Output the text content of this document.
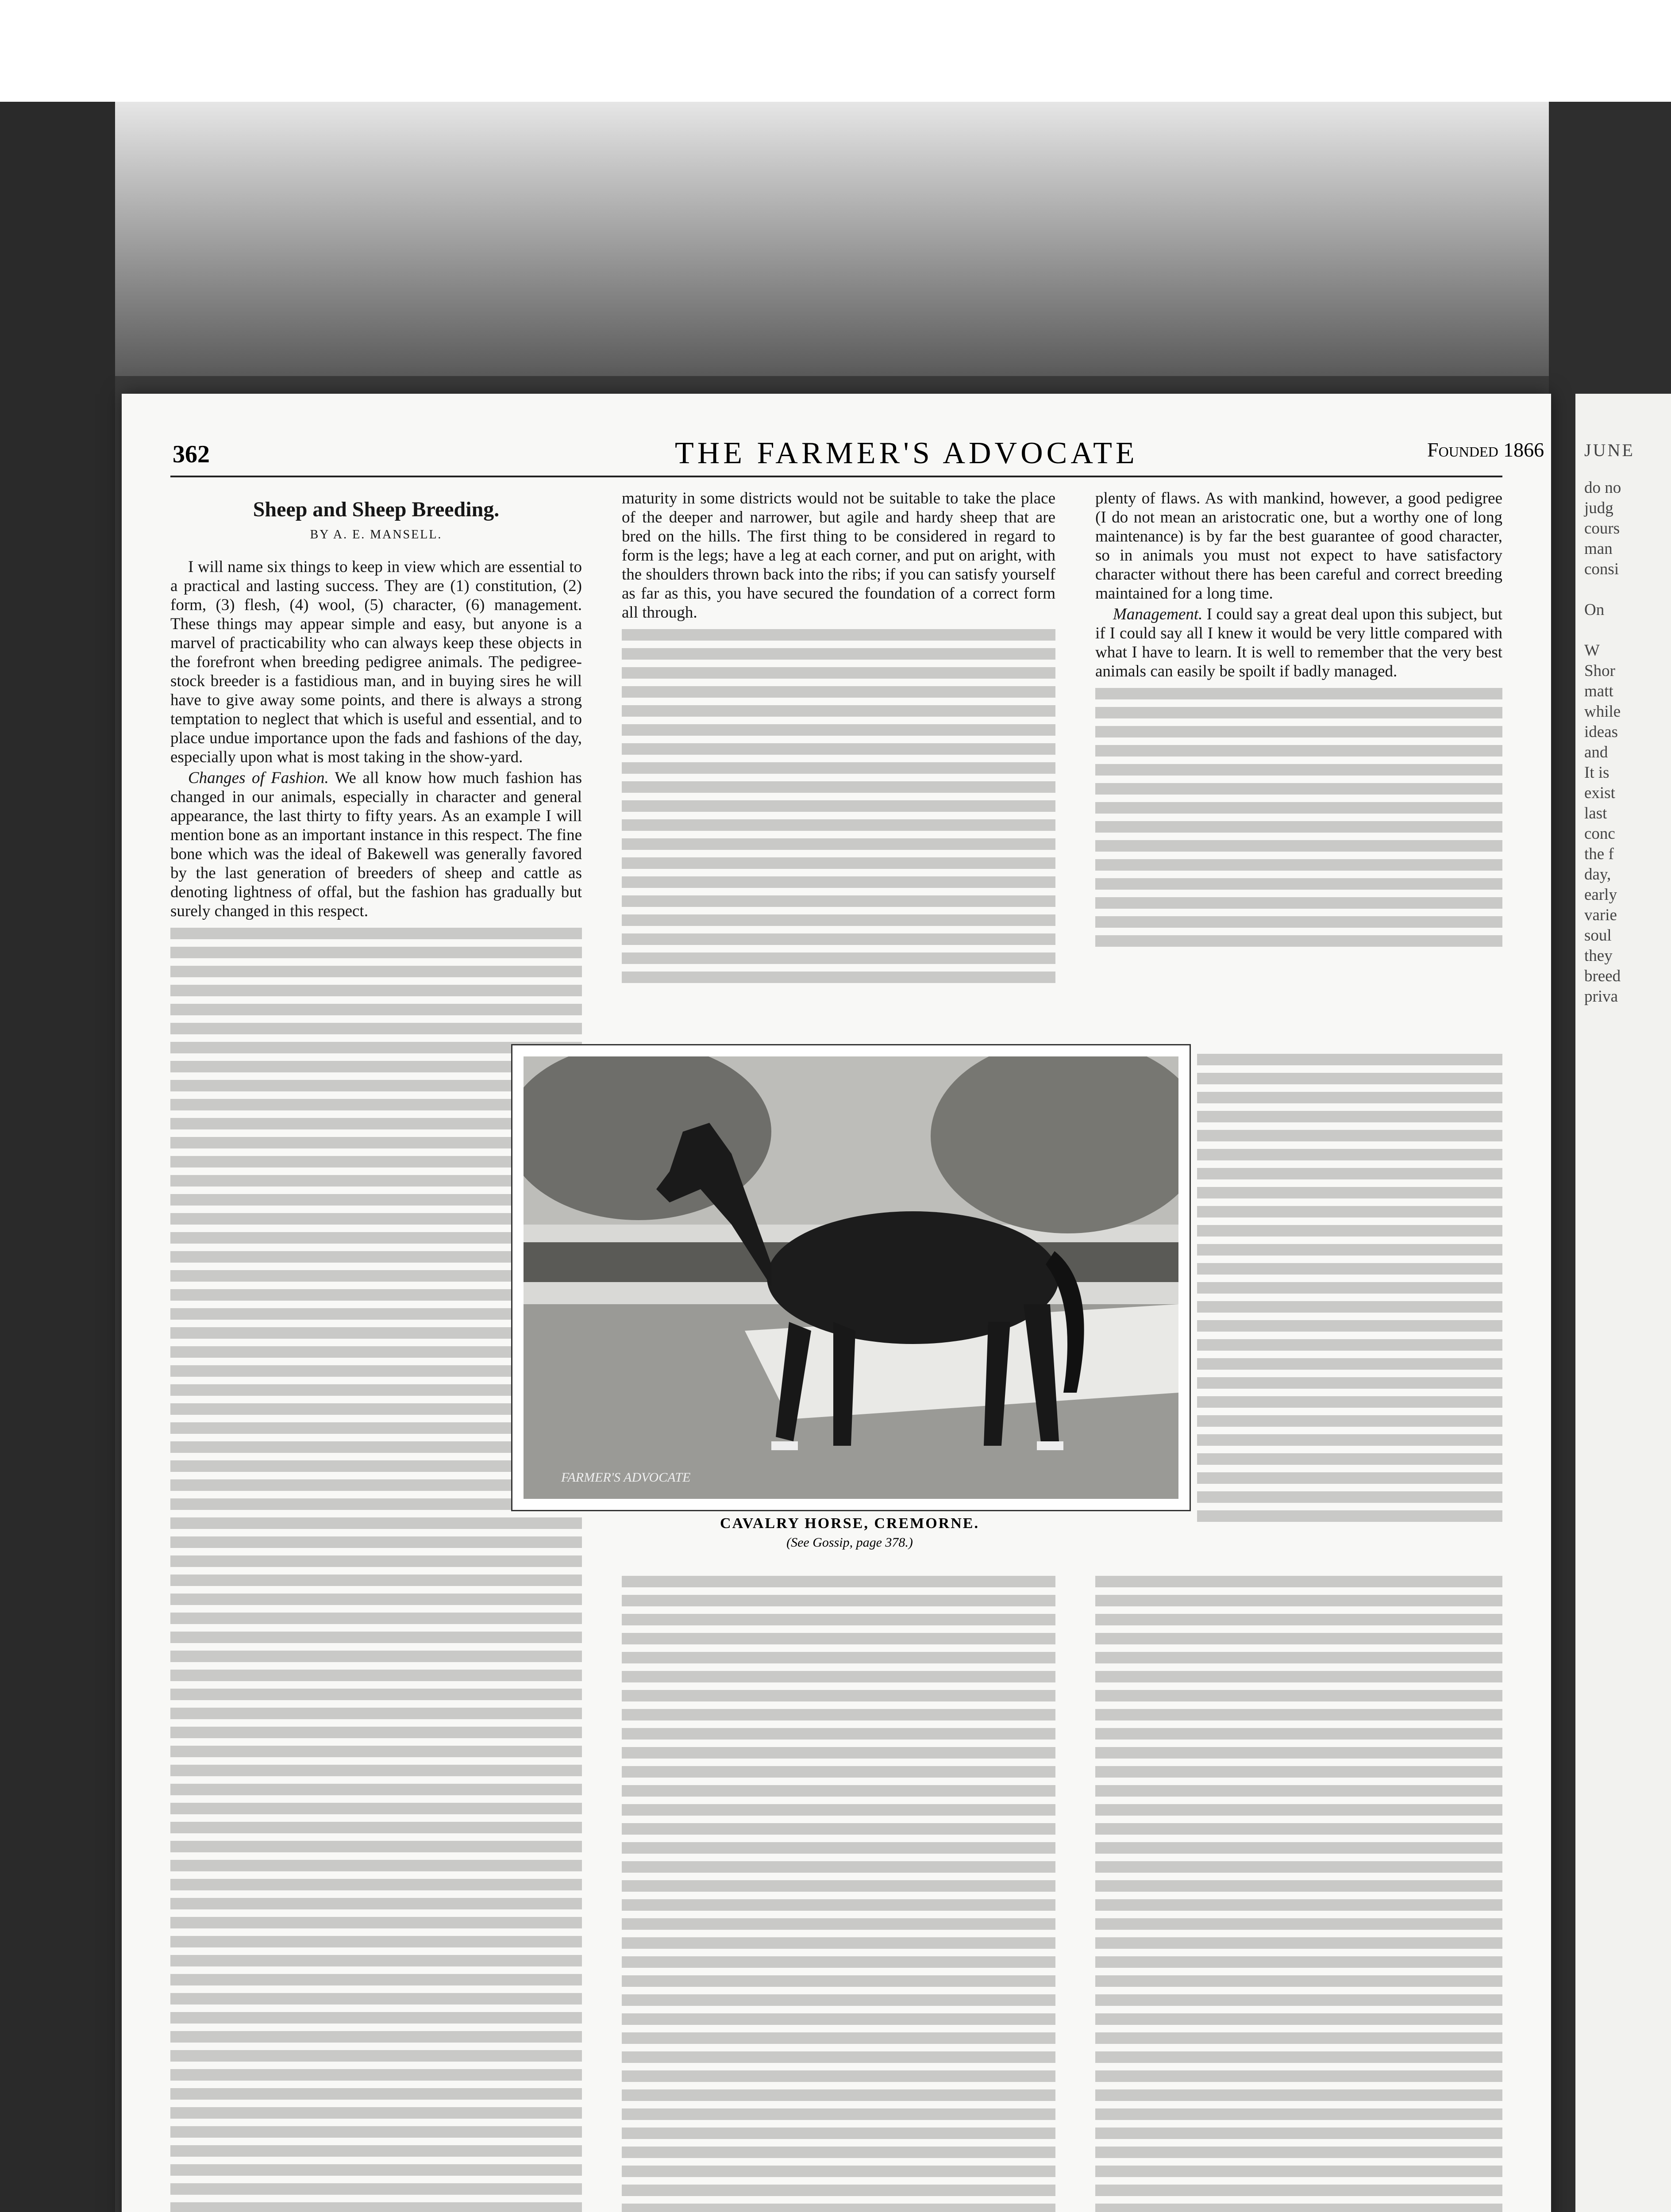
362	THE FARMER'S ADVOCATE	Founded 1866
Sheep and Sheep Breeding.
BY A. E. MANSELL.

I will name six things to keep in view which are essential to a practical and lasting success. They are (1) constitution, (2) form, (3) flesh, (4) wool, (5) character, (6) management. These things may appear simple and easy, but anyone is a marvel of practicability who can always keep these objects in the forefront when breeding pedigree animals. The pedigree-stock breeder is a fastidious man, and in buying sires he will have to give away some points, and there is always a strong temptation to neglect that which is useful and essential, and to place undue importance upon the fads and fashions of the day, especially upon what is most taking in the show-yard.

Changes of Fashion. We all know how much fashion has changed in our animals, especially in character and general appearance, the last thirty to fifty years. As an example I will mention bone as an important instance in this respect. The fine bone which was the ideal of Bakewell was generally favored by the last generation of breeders of sheep and cattle as denoting lightness of offal, but the fashion has gradually but surely changed in this respect.

maturity in some districts would not be suitable to take the place of the deeper and narrower, but agile and hardy sheep that are bred on the hills. The first thing to be considered in regard to form is the legs; have a leg at each corner, and put on aright, with the shoulders thrown back into the ribs; if you can satisfy yourself as far as this, you have secured the foundation of a correct form all through.

plenty of flaws. As with mankind, however, a good pedigree (I do not mean an aristocratic one, but a worthy one of long maintenance) is by far the best guarantee of good character, so in animals you must not expect to have satisfactory character without there has been careful and correct breeding maintained for a long time.

Management. I could say a great deal upon this subject, but if I could say all I knew it would be very little compared with what I have to learn. It is well to remember that the very best animals can easily be spoilt if badly managed.

FARMER'S ADVOCATE
CAVALRY HORSE, CREMORNE.
(See Gossip, page 378.)
JUNE
do no
judg
cours
man
consi
On
W
Shor
matt
while
ideas
and
It is
exist
last
conc
the f
day,
early
varie
soul
they
breed
priva
